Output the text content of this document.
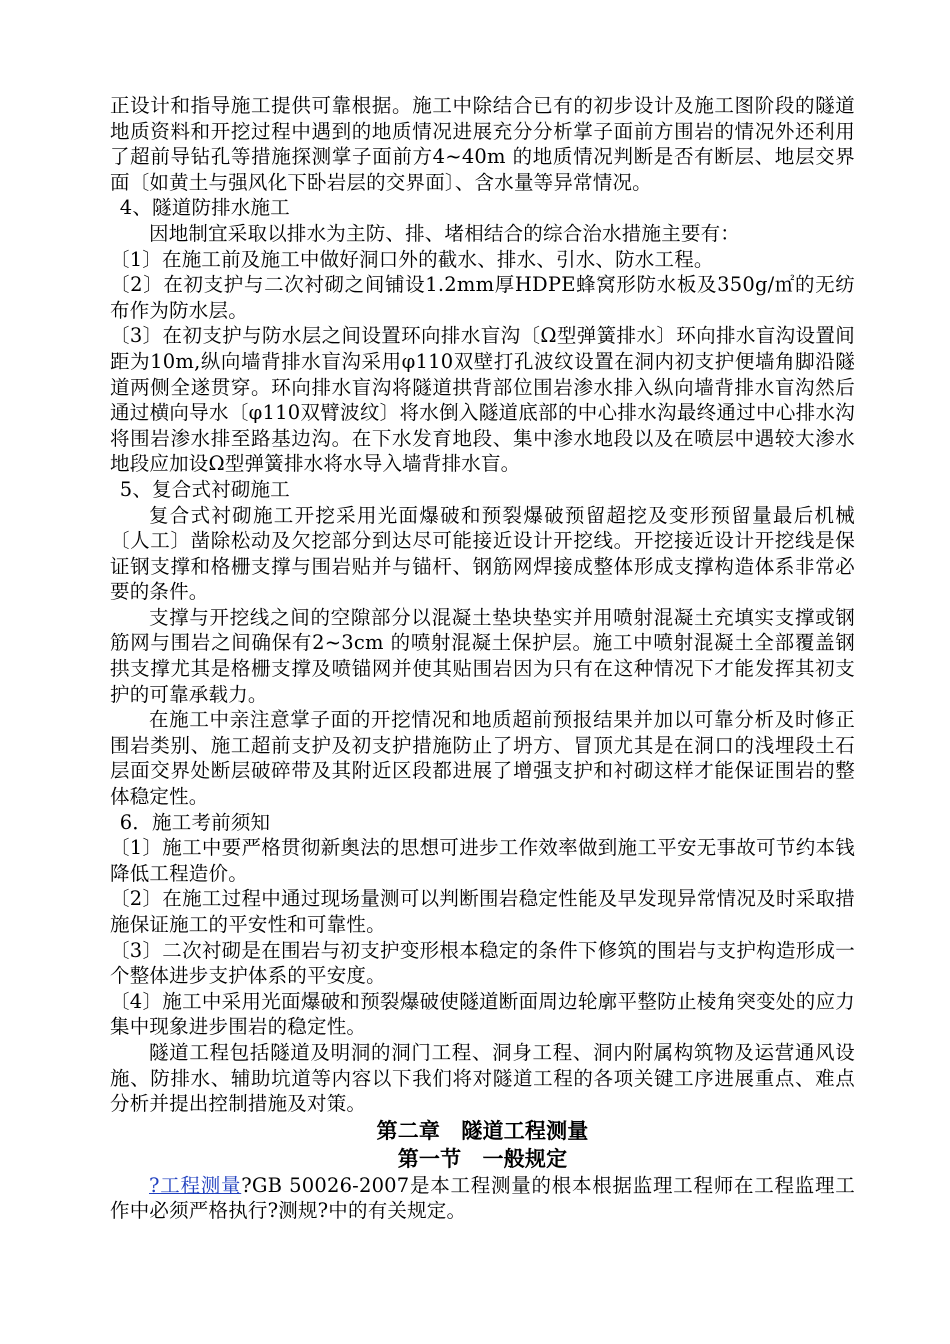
正设计和指导施工提供可靠根据。施工中除结合已有的初步设计及施工图阶段的隧道地质资料和开挖过程中遇到的地质情况进展充分分析掌子面前方围岩的情况外还利用了超前导钻孔等措施探测掌子面前方4~40m 的地质情况判断是否有断层、地层交界面〔如黄土与强风化下卧岩层的交界面〕、含水量等异常情况。

4、隧道防排水施工

因地制宜采取以排水为主防、排、堵相结合的综合治水措施主要有：

〔1〕在施工前及施工中做好洞口外的截水、排水、引水、防水工程。

〔2〕在初支护与二次衬砌之间铺设1.2mm厚HDPE蜂窝形防水板及350g/㎡的无纺布作为防水层。

〔3〕在初支护与防水层之间设置环向排水盲沟〔Ω型弹簧排水〕环向排水盲沟设置间距为10m,纵向墙背排水盲沟采用φ110双壁打孔波纹设置在洞内初支护便墙角脚沿隧道两侧全遂贯穿。环向排水盲沟将隧道拱背部位围岩渗水排入纵向墙背排水盲沟然后通过横向导水〔φ110双臂波纹〕将水倒入隧道底部的中心排水沟最终通过中心排水沟将围岩渗水排至路基边沟。在下水发育地段、集中渗水地段以及在喷层中遇较大渗水地段应加设Ω型弹簧排水将水导入墙背排水盲。

5、复合式衬砌施工

复合式衬砌施工开挖采用光面爆破和预裂爆破预留超挖及变形预留量最后机械〔人工〕凿除松动及欠挖部分到达尽可能接近设计开挖线。开挖接近设计开挖线是保证钢支撑和格栅支撑与围岩贴并与锚杆、钢筋网焊接成整体形成支撑构造体系非常必要的条件。

支撑与开挖线之间的空隙部分以混凝土垫块垫实并用喷射混凝土充填实支撑或钢筋网与围岩之间确保有2~3cm 的喷射混凝土保护层。施工中喷射混凝土全部覆盖钢拱支撑尤其是格栅支撑及喷锚网并使其贴围岩因为只有在这种情况下才能发挥其初支护的可靠承载力。

在施工中亲注意掌子面的开挖情况和地质超前预报结果并加以可靠分析及时修正围岩类别、施工超前支护及初支护措施防止了坍方、冒顶尤其是在洞口的浅埋段土石层面交界处断层破碎带及其附近区段都进展了增强支护和衬砌这样才能保证围岩的整体稳定性。

6．施工考前须知

〔1〕施工中要严格贯彻新奥法的思想可进步工作效率做到施工平安无事故可节约本钱降低工程造价。

〔2〕在施工过程中通过现场量测可以判断围岩稳定性能及早发现异常情况及时采取措施保证施工的平安性和可靠性。

〔3〕二次衬砌是在围岩与初支护变形根本稳定的条件下修筑的围岩与支护构造形成一个整体进步支护体系的平安度。

〔4〕施工中采用光面爆破和预裂爆破使隧道断面周边轮廓平整防止棱角突变处的应力集中现象进步围岩的稳定性。

隧道工程包括隧道及明洞的洞门工程、洞身工程、洞内附属构筑物及运营通风设施、防排水、辅助坑道等内容以下我们将对隧道工程的各项关键工序进展重点、难点分析并提出控制措施及对策。

第二章　隧道工程测量

第一节　一般规定

?工程测量?GB 50026-2007是本工程测量的根本根据监理工程师在工程监理工作中必须严格执行?测规?中的有关规定。
